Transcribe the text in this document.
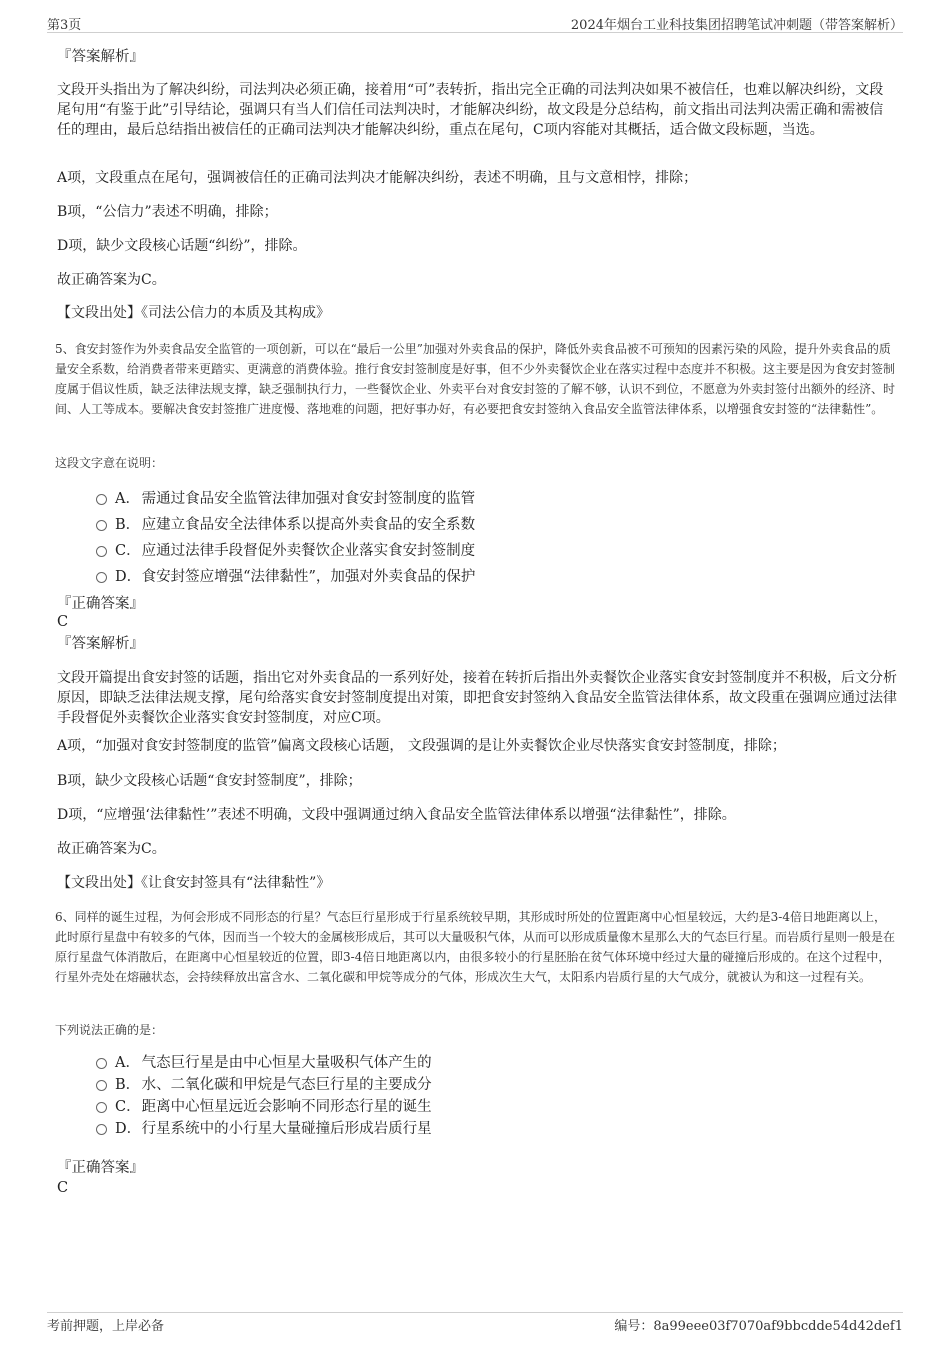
第3页	2024年烟台工业科技集团招聘笔试冲刺题（带答案解析）
『答案解析』
文段开头指出为了解决纠纷，司法判决必须正确，接着用“可”表转折，指出完全正确的司法判决如果不被信任，也难以解决纠纷，文段尾句用“有鉴于此”引导结论，强调只有当人们信任司法判决时，才能解决纠纷，故文段是分总结构，前文指出司法判决需正确和需被信任的理由，最后总结指出被信任的正确司法判决才能解决纠纷，重点在尾句，C项内容能对其概括，适合做文段标题，当选。
A项，文段重点在尾句，强调被信任的正确司法判决才能解决纠纷，表述不明确，且与文意相悖，排除；
B项，“公信力”表述不明确，排除；
D项，缺少文段核心话题“纠纷”，排除。
故正确答案为C。
【文段出处】《司法公信力的本质及其构成》
5、食安封签作为外卖食品安全监管的一项创新，可以在“最后一公里”加强对外卖食品的保护，降低外卖食品被不可预知的因素污染的风险，提升外卖食品的质量安全系数，给消费者带来更踏实、更满意的消费体验。推行食安封签制度是好事，但不少外卖餐饮企业在落实过程中态度并不积极。这主要是因为食安封签制度属于倡议性质，缺乏法律法规支撑，缺乏强制执行力，一些餐饮企业、外卖平台对食安封签的了解不够，认识不到位，不愿意为外卖封签付出额外的经济、时间、人工等成本。要解决食安封签推广进度慢、落地难的问题，把好事办好，有必要把食安封签纳入食品安全监管法律体系，以增强食安封签的“法律黏性”。
这段文字意在说明：
A． 需通过食品安全监管法律加强对食安封签制度的监管
B． 应建立食品安全法律体系以提高外卖食品的安全系数
C． 应通过法律手段督促外卖餐饮企业落实食安封签制度
D． 食安封签应增强“法律黏性”，加强对外卖食品的保护
『正确答案』
C
『答案解析』
文段开篇提出食安封签的话题，指出它对外卖食品的一系列好处，接着在转折后指出外卖餐饮企业落实食安封签制度并不积极，后文分析原因，即缺乏法律法规支撑，尾句给落实食安封签制度提出对策，即把食安封签纳入食品安全监管法律体系，故文段重在强调应通过法律手段督促外卖餐饮企业落实食安封签制度，对应C项。
A项，“加强对食安封签制度的监管”偏离文段核心话题， 文段强调的是让外卖餐饮企业尽快落实食安封签制度，排除；
B项，缺少文段核心话题“食安封签制度”，排除；
D项，“应增强‘法律黏性’”表述不明确，文段中强调通过纳入食品安全监管法律体系以增强“法律黏性”，排除。
故正确答案为C。
【文段出处】《让食安封签具有“法律黏性”》
6、同样的诞生过程，为何会形成不同形态的行星？气态巨行星形成于行星系统较早期，其形成时所处的位置距离中心恒星较远，大约是3-4倍日地距离以上，此时原行星盘中有较多的气体，因而当一个较大的金属核形成后，其可以大量吸积气体，从而可以形成质量像木星那么大的气态巨行星。而岩质行星则一般是在原行星盘气体消散后，在距离中心恒星较近的位置，即3-4倍日地距离以内，由很多较小的行星胚胎在贫气体环境中经过大量的碰撞后形成的。在这个过程中，行星外壳处在熔融状态，会持续释放出富含水、二氧化碳和甲烷等成分的气体，形成次生大气，太阳系内岩质行星的大气成分，就被认为和这一过程有关。
下列说法正确的是：
A． 气态巨行星是由中心恒星大量吸积气体产生的
B． 水、二氧化碳和甲烷是气态巨行星的主要成分
C． 距离中心恒星远近会影响不同形态行星的诞生
D． 行星系统中的小行星大量碰撞后形成岩质行星
『正确答案』
C
考前押题，上岸必备	编号：8a99eee03f7070af9bbcdde54d42def1
